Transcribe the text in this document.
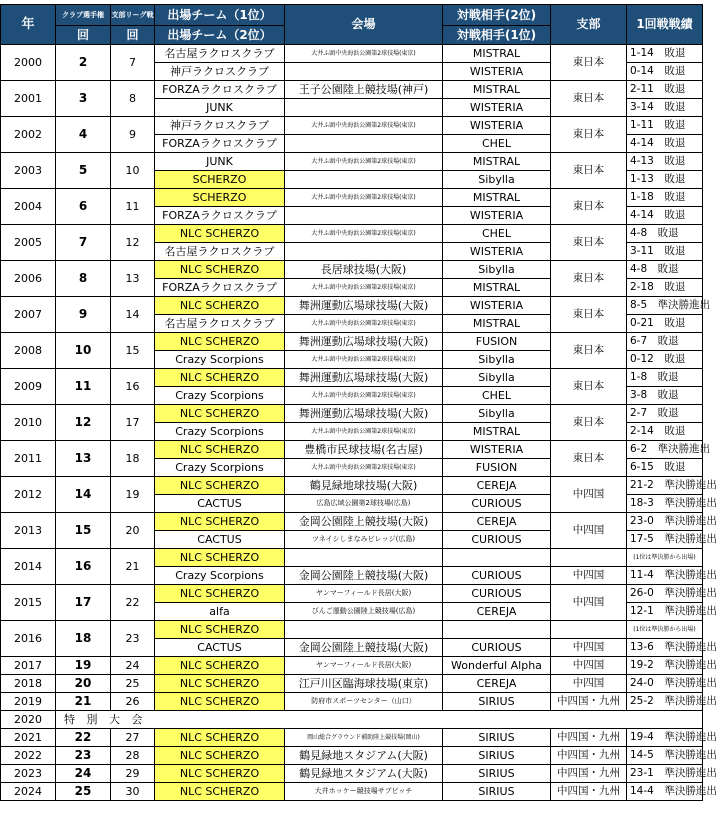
年	クラブ選手権	支部リーグ戦	出場チーム（1位）	会場	対戦相手(2位)	支部	1回戦戦績
	回	回	出場チーム（2位）		対戦相手(1位)		
2000	2	7	名古屋ラクロスクラブ	大井ふ頭中央海浜公園第2球技場(東京)	MISTRAL	東日本	1-14　敗退
			神戸ラクロスクラブ		WISTERIA		0-14　敗退
2001	3	8	FORZAラクロスクラブ	王子公園陸上競技場(神戸)	MISTRAL	東日本	2-11　敗退
			JUNK		WISTERIA		3-14　敗退
2002	4	9	神戸ラクロスクラブ	大井ふ頭中央海浜公園第2球技場(東京)	WISTERIA	東日本	1-11　敗退
			FORZAラクロスクラブ		CHEL		4-14　敗退
2003	5	10	JUNK	大井ふ頭中央海浜公園第2球技場(東京)	MISTRAL	東日本	4-13　敗退
			SCHERZO		Sibylla		1-13　敗退
2004	6	11	SCHERZO	大井ふ頭中央海浜公園第2球技場(東京)	MISTRAL	東日本	1-18　敗退
			FORZAラクロスクラブ		WISTERIA		4-14　敗退
2005	7	12	NLC SCHERZO	大井ふ頭中央海浜公園第2球技場(東京)	CHEL	東日本	4-8　敗退
			名古屋ラクロスクラブ		WISTERIA		3-11　敗退
2006	8	13	NLC SCHERZO	長居球技場(大阪)	Sibylla	東日本	4-8　敗退
			FORZAラクロスクラブ	大井ふ頭中央海浜公園第2球技場(東京)	MISTRAL		2-18　敗退
2007	9	14	NLC SCHERZO	舞洲運動広場球技場(大阪)	WISTERIA	東日本	8-5　準決勝進出
			名古屋ラクロスクラブ	大井ふ頭中央海浜公園第2球技場(東京)	MISTRAL		0-21　敗退
2008	10	15	NLC SCHERZO	舞洲運動広場球技場(大阪)	FUSION	東日本	6-7　敗退
			Crazy Scorpions	大井ふ頭中央海浜公園第2球技場(東京)	Sibylla		0-12　敗退
2009	11	16	NLC SCHERZO	舞洲運動広場球技場(大阪)	Sibylla	東日本	1-8　敗退
			Crazy Scorpions	大井ふ頭中央海浜公園第2球技場(東京)	CHEL		3-8　敗退
2010	12	17	NLC SCHERZO	舞洲運動広場球技場(大阪)	Sibylla	東日本	2-7　敗退
			Crazy Scorpions	大井ふ頭中央海浜公園第2球技場(東京)	MISTRAL		2-14　敗退
2011	13	18	NLC SCHERZO	豊橋市民球技場(名古屋)	WISTERIA	東日本	6-2　準決勝進出
			Crazy Scorpions	大井ふ頭中央海浜公園第2球技場(東京)	FUSION		6-15　敗退
2012	14	19	NLC SCHERZO	鶴見緑地球技場(大阪)	CEREJA	中四国	21-2　準決勝進出
			CACTUS	広島広域公園第2球技場(広島)	CURIOUS		18-3　準決勝進出
2013	15	20	NLC SCHERZO	金岡公園陸上競技場(大阪)	CEREJA	中四国	23-0　準決勝進出
			CACTUS	ツネイシしまなみビレッジ(広島)	CURIOUS		17-5　準決勝進出
2014	16	21	NLC SCHERZO				(1位は準決勝から出場)
			Crazy Scorpions	金岡公園陸上競技場(大阪)	CURIOUS	中四国	11-4　準決勝進出
2015	17	22	NLC SCHERZO	ヤンマーフィールド長居(大阪)	CURIOUS	中四国	26-0　準決勝進出
			alfa	びんご運動公園陸上競技場(広島)	CEREJA		12-1　準決勝進出
2016	18	23	NLC SCHERZO				(1位は準決勝から出場)
			CACTUS	金岡公園陸上競技場(大阪)	CURIOUS	中四国	13-6　準決勝進出
2017	19	24	NLC SCHERZO	ヤンマーフィールド長居(大阪)	Wonderful Alpha	中四国	19-2　準決勝進出
2018	20	25	NLC SCHERZO	江戸川区臨海球技場(東京)	CEREJA	中四国	24-0　準決勝進出
2019	21	26	NLC SCHERZO	防府市スポーツセンター（山口）	SIRIUS	中四国・九州	25-2　準決勝進出
2020	特 別 大 会						
2021	22	27	NLC SCHERZO	岡山総合グラウンド補助陸上競技場(岡山)	SIRIUS	中四国・九州	19-4　準決勝進出
2022	23	28	NLC SCHERZO	鶴見緑地スタジアム(大阪)	SIRIUS	中四国・九州	14-5　準決勝進出
2023	24	29	NLC SCHERZO	鶴見緑地スタジアム(大阪)	SIRIUS	中四国・九州	23-1　準決勝進出
2024	25	30	NLC SCHERZO	大井ホッケー競技場サブピッチ	SIRIUS	中四国・九州	14-4　準決勝進出
